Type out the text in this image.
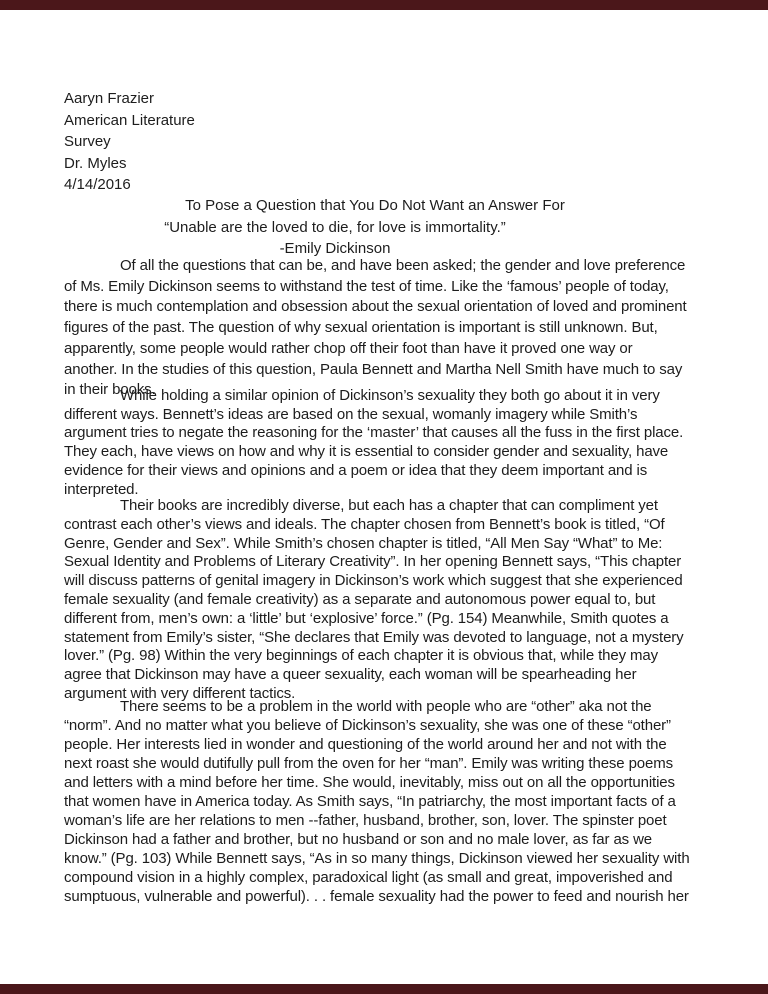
Aaryn Frazier
American Literature
Survey
Dr. Myles
4/14/2016
To Pose a Question that You Do Not Want an Answer For
“Unable are the loved to die, for love is immortality.”
-Emily Dickinson
Of all the questions that can be, and have been asked; the gender and love preference
of Ms. Emily Dickinson seems to withstand the test of time. Like the ‘famous’ people of today,
there is much contemplation and obsession about the sexual orientation of loved and prominent
figures of the past. The question of why sexual orientation is important is still unknown. But,
apparently, some people would rather chop off their foot than have it proved one way or
another. In the studies of this question, Paula Bennett and Martha Nell Smith have much to say
in their books.
While holding a similar opinion of Dickinson’s sexuality they both go about it in very
different ways. Bennett’s ideas are based on the sexual, womanly imagery while Smith’s
argument tries to negate the reasoning for the ‘master’ that causes all the fuss in the first place.
They each, have views on how and why it is essential to consider gender and sexuality, have
evidence for their views and opinions and a poem or idea that they deem important and is
interpreted.
Their books are incredibly diverse, but each has a chapter that can compliment yet
contrast each other’s views and ideals. The chapter chosen from Bennett’s book is titled, “Of
Genre, Gender and Sex”. While Smith’s chosen chapter is titled, “All Men Say “What” to Me:
Sexual Identity and Problems of Literary Creativity”. In her opening Bennett says, “This chapter
will discuss patterns of genital imagery in Dickinson’s work which suggest that she experienced
female sexuality (and female creativity) as a separate and autonomous power equal to, but
different from, men’s own: a ‘little’ but ‘explosive’ force.” (Pg. 154) Meanwhile, Smith quotes a
statement from Emily’s sister, “She declares that Emily was devoted to language, not a mystery
lover.” (Pg. 98) Within the very beginnings of each chapter it is obvious that, while they may
agree that Dickinson may have a queer sexuality, each woman will be spearheading her
argument with very different tactics.
There seems to be a problem in the world with people who are “other” aka not the
“norm”. And no matter what you believe of Dickinson’s sexuality, she was one of these “other”
people. Her interests lied in wonder and questioning of the world around her and not with the
next roast she would dutifully pull from the oven for her “man”. Emily was writing these poems
and letters with a mind before her time. She would, inevitably, miss out on all the opportunities
that women have in America today. As Smith says, “In patriarchy, the most important facts of a
woman’s life are her relations to men --father, husband, brother, son, lover. The spinster poet
Dickinson had a father and brother, but no husband or son and no male lover, as far as we
know.” (Pg. 103) While Bennett says, “As in so many things, Dickinson viewed her sexuality with
compound vision in a highly complex, paradoxical light (as small and great, impoverished and
sumptuous, vulnerable and powerful). . . female sexuality had the power to feed and nourish her
